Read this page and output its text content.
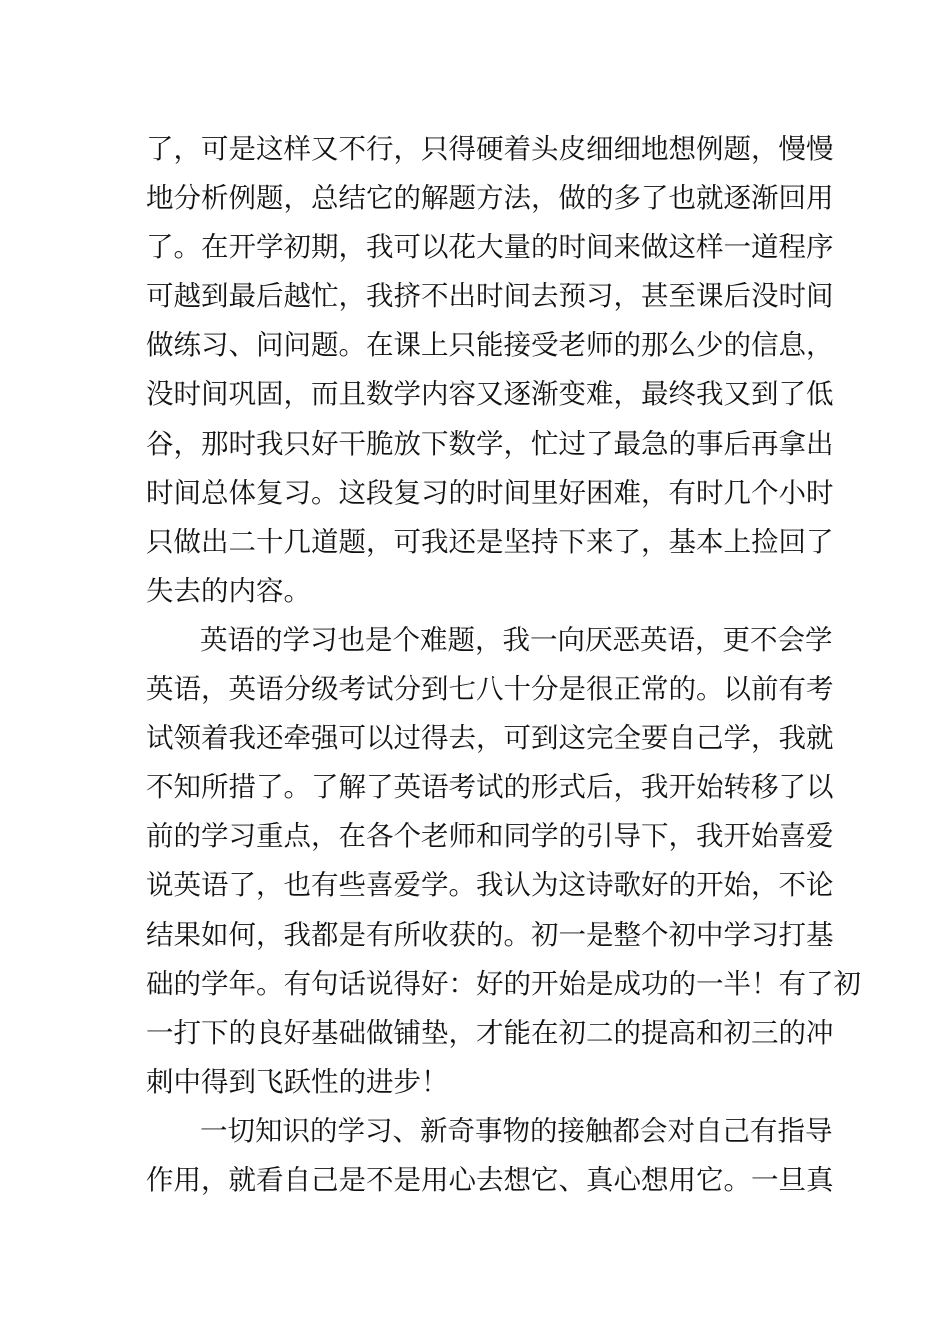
了，可是这样又不行，只得硬着头皮细细地想例题，慢慢
地分析例题，总结它的解题方法，做的多了也就逐渐回用
了。在开学初期，我可以花大量的时间来做这样一道程序
可越到最后越忙，我挤不出时间去预习，甚至课后没时间
做练习、问问题。在课上只能接受老师的那么少的信息，
没时间巩固，而且数学内容又逐渐变难，最终我又到了低
谷，那时我只好干脆放下数学，忙过了最急的事后再拿出
时间总体复习。这段复习的时间里好困难，有时几个小时
只做出二十几道题，可我还是坚持下来了，基本上捡回了
失去的内容。
英语的学习也是个难题，我一向厌恶英语，更不会学
英语，英语分级考试分到七八十分是很正常的。以前有考
试领着我还牵强可以过得去，可到这完全要自己学，我就
不知所措了。了解了英语考试的形式后，我开始转移了以
前的学习重点，在各个老师和同学的引导下，我开始喜爱
说英语了，也有些喜爱学。我认为这诗歌好的开始，不论
结果如何，我都是有所收获的。初一是整个初中学习打基
础的学年。有句话说得好：好的开始是成功的一半！有了初
一打下的良好基础做铺垫，才能在初二的提高和初三的冲
刺中得到飞跃性的进步！
一切知识的学习、新奇事物的接触都会对自己有指导
作用，就看自己是不是用心去想它、真心想用它。一旦真
